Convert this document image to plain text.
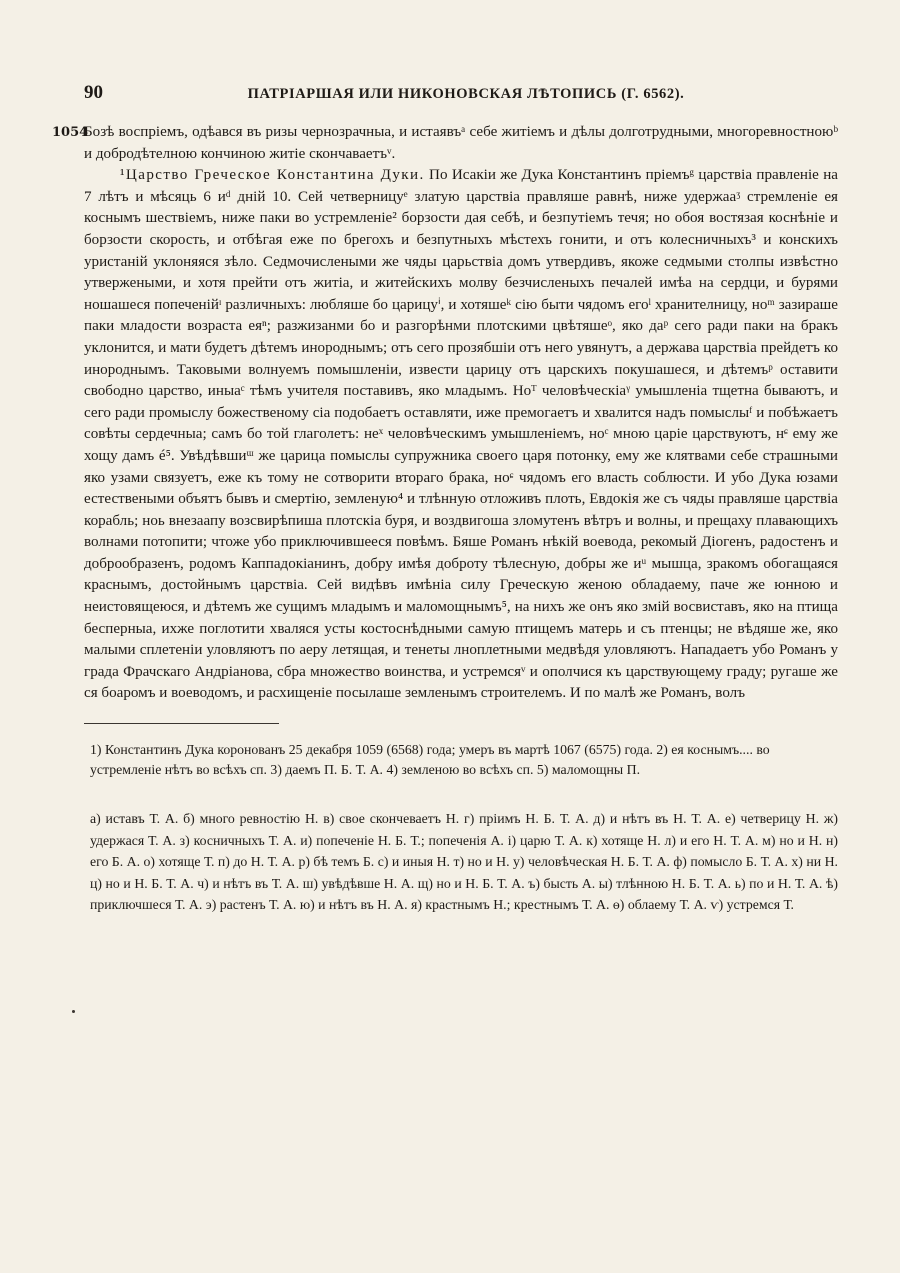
90	ПАТРІАРШАЯ ИЛИ НИКОНОВСКАЯ ЛѢТОПИСЬ (Г. 6562).
1054

Бозѣ воспріемъ, одѣався въ ризы чернозрачныа, и истаявъᵃ себе житіемъ и дѣлы долготрудными, многоревностноюᵇ и добродѣтелною кончиною житіе скончаваетъᵛ.

¹Царство Греческое Константина Дуки. По Исакіи же Дука Константинъ пріемъᵍ царствіа правленіе на 7 лѣтъ и мѣсяць 6 иᵈ дній 10. Сей четверницуᵉ златую царствіа правляше равнѣ, ниже удержааᶾ стремленіе ея коснымъ шествіемъ, ниже паки во устремленіе² борзости дая себѣ, и безпутіемъ течя; но обоя востязая коснѣніе и борзости скорость, и отбѣгая еже по брегохъ и безпутныхъ мѣстехъ гонити, и отъ колесничныхъ³ и конскихъ уристаній уклоняяся зѣло. Седмочислеными же чяды царьствіа домъ утвердивъ, якоже седмыми столпы извѣстно утвержеными, и хотя прейти отъ житіа, и житейскихъ молву безчисленыхъ печалей имѣа на сердци, и бурями ношашеся попеченійᶦ различныхъ: любляше бо царицуⁱ, и хотяшеᵏ сію быти чядомъ егоˡ хранителницу, нoᵐ зазираше паки младости возраста еяⁿ; разжизанми бо и разгорѣнми плотскими цвѣтяшеᵒ, яко даᵖ сего ради паки на бракъ уклонится, и мати будетъ дѣтемъ инороднымъ; отъ сего прозябшіи отъ него увянутъ, а держава царствіа прейдетъ ко инороднымъ. Таковыми волнуемъ помышленіи, извести царицу отъ царскихъ покушашеся, и дѣтемъᵖ оставити свободно царство, иныаᶜ тѣмъ учителя поставивъ, яко младымъ. Ноᵀ человѣческіаᵞ умышленіа тщетна бываютъ, и сего ради промыслу божественому сіа подобаетъ оставляти, иже премогаетъ и хвалится надъ помыслыᶠ и побѣжаетъ совѣты сердечныа; самъ бо той глаголетъ: неˣ человѣческимъ умышленіемъ, ноᶜ мною царіе царствуютъ, нᶝ ему же хощу дамъ é⁵. Увѣдѣвшиᵚ же царица помыслы супружника своего царя потонку, ему же клятвами себе страшными яко узами связуетъ, еже къ тому не сотворити втораго брака, ноᶝ чядомъ его власть соблюсти. И убо Дука юзами естествеными объятъ бывъ и смертію, земленую⁴ и тлѣнную отложивъ плоть, Евдокія же съ чяды правляше царствіа корабль; ноь внезаапу возсвирѣпиша плотскіа буря, и воздвигоша зломутенъ вѣтръ и волны, и прещаху плавающихъ волнами потопити; чтоже убо приключившееся повѣмъ. Бяше Романъ нѣкій воевода, рекомый Діогенъ, радостенъ и доброобразенъ, родомъ Каппадокіанинъ, добру имѣя доброту тѣлесную, добры же иᵘ мышца, зракомъ обогащаяся краснымъ, достойнымъ царствіа. Сей видѣвъ имѣніа силу Греческую женою обладаему, паче же юнною и неистовящеюся, и дѣтемъ же сущимъ младымъ и маломощнымъ⁵, на нихъ же онъ яко змій восвиставъ, яко на птища бесперныа, ихже поглотити хваляся усты костоснѣдными самую птищемъ матерь и съ птенцы; не вѣдяше же, яко малыми сплетеніи уловляютъ по аеру летящая, и тенеты лноплетными медвѣдя уловляютъ. Нападаетъ убо Романъ у града Фрачскаго Андріанова, сбра множество воинства, и устремсяᵛ и ополчися къ царствующему граду; ругаше же ся боаромъ и воеводомъ, и расхищеніе посылаше земленымъ строителемъ. И по малѣ же Романъ, волъ

1) Константинъ Дука коронованъ 25 декабря 1059 (6568) года; умеръ въ мартѣ 1067 (6575) года. 2) ея коснымъ.... во устремленіе нѣтъ во всѣхъ сп. 3) даемъ П. Б. Т. А. 4) земленою во всѣхъ сп. 5) маломощны П.
а) иставъ Т. А. б) много ревностію Н. в) свое скончеваетъ Н. г) пріимъ Н. Б. Т. А. д) и нѣтъ въ Н. Т. А. е) четверицу Н. ж) удержася Т. А. з) косничныхъ Т. А. и) попеченіе Н. Б. Т.; попеченія А. і) царю Т. А. к) хотяще Н. л) и его Н. Т. А. м) но и Н. н) его Б. А. о) хотяще Т. п) до Н. Т. А. р) бѣ темъ Б. с) и иныя Н. т) но и Н. у) человѣческая Н. Б. Т. А. ф) помысло Б. Т. А. х) ни Н. ц) но и Н. Б. Т. А. ч) и нѣтъ въ Т. А. ш) увѣдѣвше Н. А. щ) но и Н. Б. Т. А. ъ) бысть А. ы) тлѣнною Н. Б. Т. А. ь) по и Н. Т. А. ѣ) приключшеся Т. А. э) растенъ Т. А. ю) и нѣтъ въ Н. А. я) крастнымъ Н.; крестнымъ Т. А. ѳ) облаему Т. А. ѵ) устремся Т.
